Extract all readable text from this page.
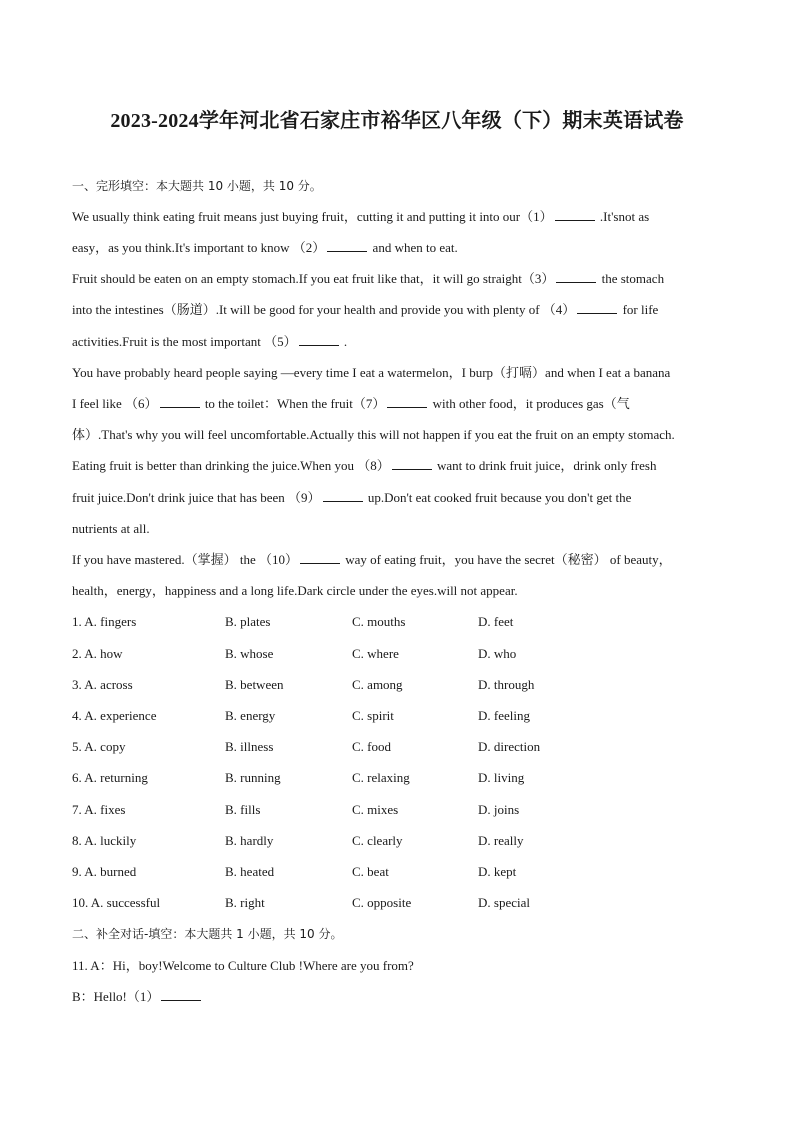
2023-2024学年河北省石家庄市裕华区八年级（下）期末英语试卷
一、完形填空：本大题共 10 小题，共 10 分。
We usually think eating fruit means just buying fruit，cutting it and putting it into our（1）	.It'snot as
easy，as you think.It's important to know （2）	and when to eat.
Fruit should be eaten on an empty stomach.If you eat fruit like that，it will go straight（3）	the stomach
into the intestines（肠道）.It will be good for your health and provide you with plenty of （4）	for life
activities.Fruit is the most important （5）	.
You have probably heard people saying —every time I eat a watermelon，I burp（打嗝）and when I eat a banana
I feel like （6）	to the toilet：When the fruit（7）	with other food，it produces gas（气
体）.That's why you will feel uncomfortable.Actually this will not happen if you eat the fruit on an empty stomach.
Eating fruit is better than drinking the juice.When you （8）	want to drink fruit juice，drink only fresh
fruit juice.Don't drink juice that has been （9）	up.Don't eat cooked fruit because you don't get the
nutrients at all.
If you have mastered.（掌握） the （10）	way of eating fruit，you have the secret（秘密） of beauty，
health，energy，happiness and a long life.Dark circle under the eyes.will not appear.
1. A. fingers	B. plates	C. mouths	D. feet
2. A. how	B. whose	C. where	D. who
3. A. across	B. between	C. among	D. through
4. A. experience	B. energy	C. spirit	D. feeling
5. A. copy	B. illness	C. food	D. direction
6. A. returning	B. running	C. relaxing	D. living
7. A. fixes	B. fills	C. mixes	D. joins
8. A. luckily	B. hardly	C. clearly	D. really
9. A. burned	B. heated	C. beat	D. kept
10. A. successful	B. right	C. opposite	D. special
二、补全对话-填空：本大题共 1 小题，共 10 分。
11. A：Hi，boy!Welcome to Culture Club !Where are you from?
B：Hello!（1）
